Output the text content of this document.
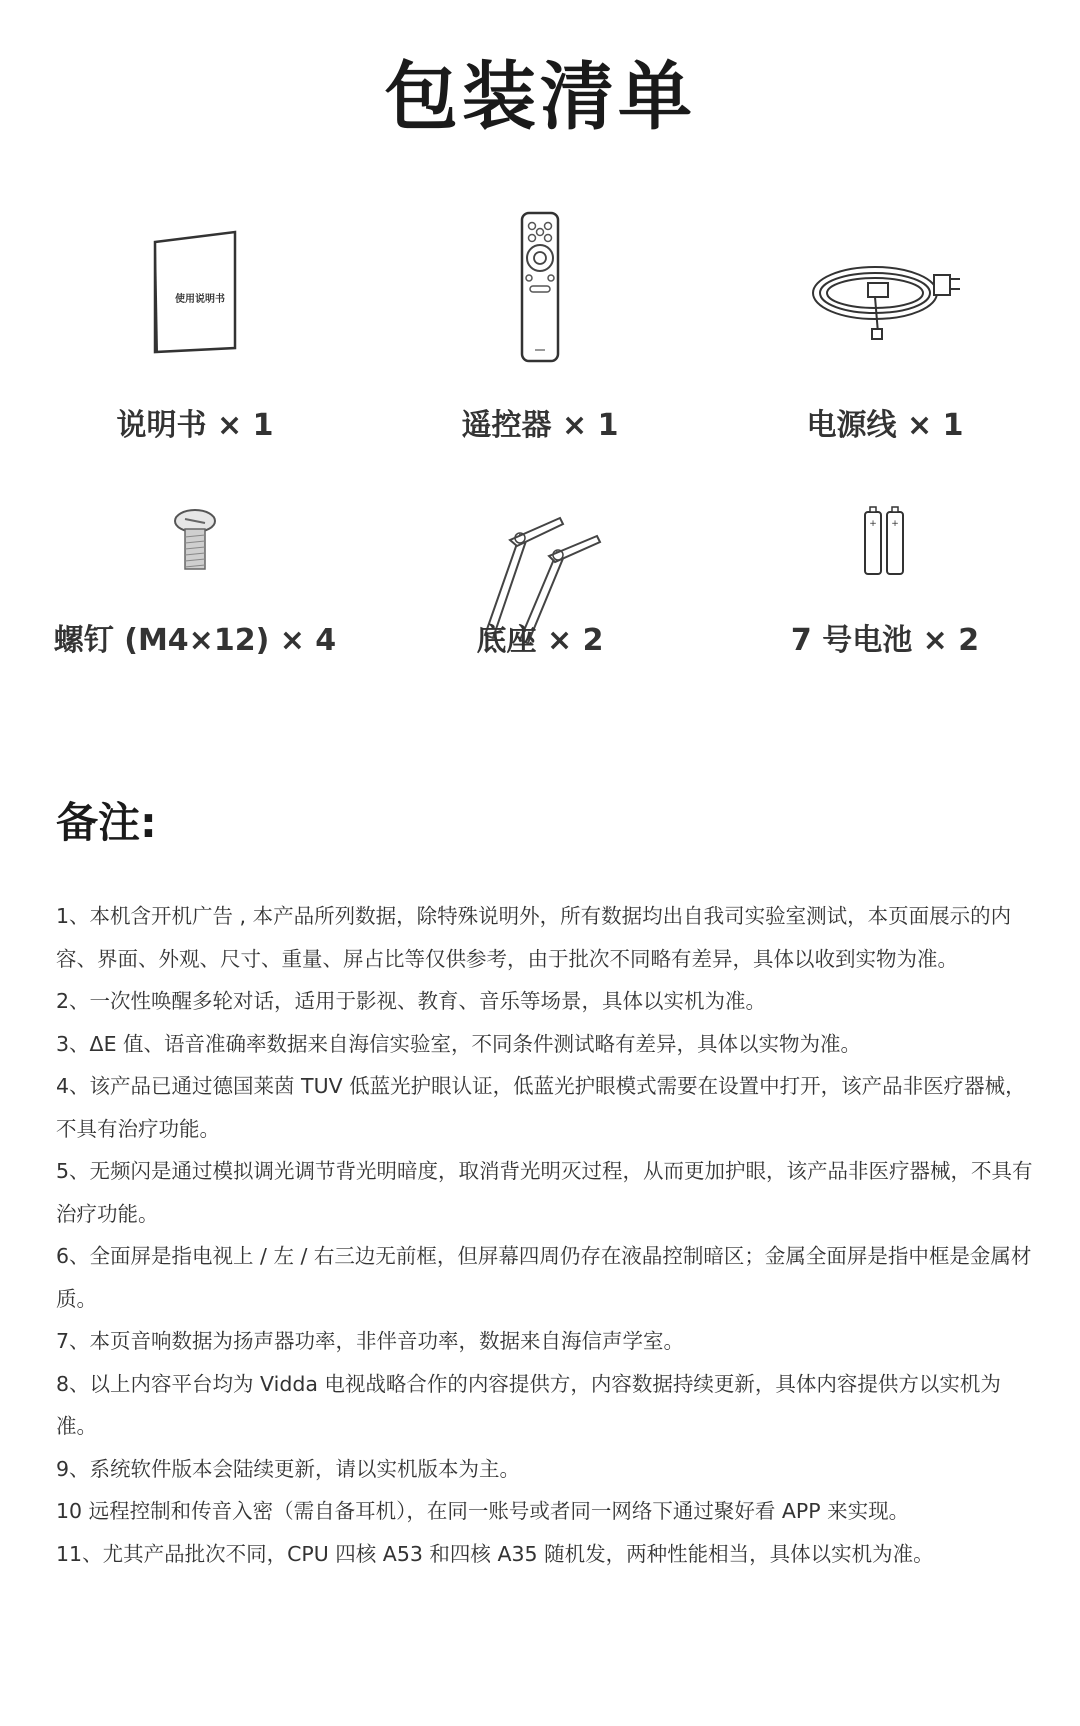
包装清单
使用说明书
说明书 × 1	遥控器 × 1	电源线 × 1
螺钉 (M4×12) × 4	底座 × 2
+ +
7 号电池 × 2
备注:

1、本机含开机广告 , 本产品所列数据，除特殊说明外，所有数据均出自我司实验室测试，本页面展示的内容、界面、外观、尺寸、重量、屏占比等仅供参考，由于批次不同略有差异，具体以收到实物为准。

2、一次性唤醒多轮对话，适用于影视、教育、音乐等场景，具体以实机为准。

3、ΔE 值、语音准确率数据来自海信实验室，不同条件测试略有差异，具体以实物为准。

4、该产品已通过德国莱茵 TUV 低蓝光护眼认证，低蓝光护眼模式需要在设置中打开，该产品非医疗器械，不具有治疗功能。

5、无频闪是通过模拟调光调节背光明暗度，取消背光明灭过程，从而更加护眼，该产品非医疗器械，不具有治疗功能。

6、全面屏是指电视上 / 左 / 右三边无前框，但屏幕四周仍存在液晶控制暗区；金属全面屏是指中框是金属材质。

7、本页音响数据为扬声器功率，非伴音功率，数据来自海信声学室。

8、以上内容平台均为 Vidda 电视战略合作的内容提供方，内容数据持续更新，具体内容提供方以实机为准。

9、系统软件版本会陆续更新，请以实机版本为主。

10 远程控制和传音入密（需自备耳机），在同一账号或者同一网络下通过聚好看 APP 来实现。

11、尤其产品批次不同，CPU 四核 A53 和四核 A35 随机发，两种性能相当，具体以实机为准。
